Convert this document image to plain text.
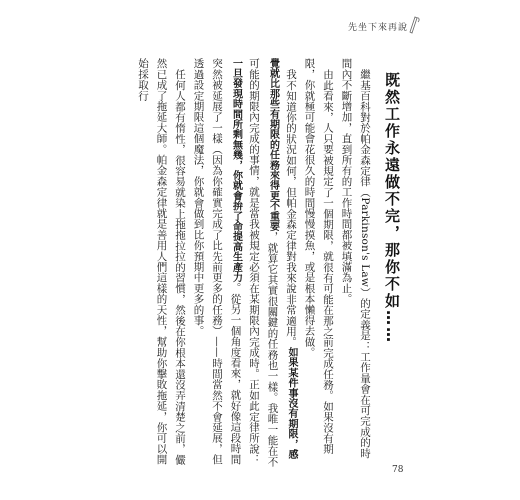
先坐下來再說
既然工作永遠做不完，那你不如……

繼基百科對於帕金森定律（Parkinson's Law）的定義是：工作量會在可完成的時間內不斷增加，直到所有的工作時間都被填滿為止。

由此看來，人只要被規定了一個期限，就很有可能在那之前完成任務。如果沒有期限，你就極可能會花很久的時間慢慢摸魚，或是根本懶得去做。

我不知道你的狀況如何，但帕金森定律對我來說非常適用。如果某件事沒有期限，感覺就比那些有期限的任務來得更不重要，就算它其實很關鍵的任務也一樣。我唯一能在不可能的期限內完成的事情，就是當我被規定必須在某期限內完成時。正如此定律所說：一旦發現時間所剩無幾，你就會拚了命提高生產力。從另一個角度看來，就好像這段時間突然被延展了一樣（因為你確實完成了比先前更多的任務）——時間當然不會延展，但透過設定期限這個魔法，你就會做到比你預期中更多的事。

任何人都有惰性，很容易就染上拖拖拉拉的習慣，然後在你根本還沒弄清楚之前，儼然已成了拖延大師。帕金森定律就是善用人們這樣的天性，幫助你擊敗拖延，你可以開始採取行

78
